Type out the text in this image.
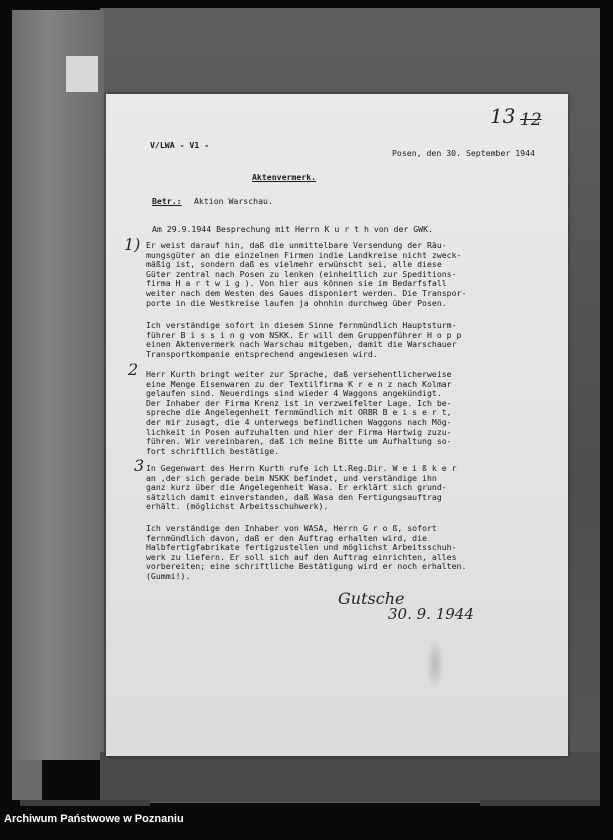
V/LWA - V1 -
Posen, den 30. September 1944
13 12
Aktenvermerk.
Betr.: Aktion Warschau.
Am 29.9.1944 Besprechung mit Herrn K u r t h von der GWK.
1) Er weist darauf hin, daß die unmittelbare Versendung der Räu-
mungsgüter an die einzelnen Firmen indie Landkreise nicht zweck-
mäßig ist, sondern daß es vielmehr erwünscht sei, alle diese
Güter zentral nach Posen zu lenken (einheitlich zur Speditions-
firma H a r t w i g ). Von hier aus können sie im Bedarfsfall
weiter nach dem Westen des Gaues disponiert werden. Die Transpor-
porte in die Westkreise laufen ja ohnhin durchweg über Posen.
Ich verständige sofort in diesem Sinne fernmündlich Hauptsturm-
führer B i s s i n g vom NSKK. Er will dem Gruppenführer H o p p
einen Aktenvermerk nach Warschau mitgeben, damit die Warschauer
Transportkompanie entsprechend angewiesen wird.
2 Herr Kurth bringt weiter zur Sprache, daß versehentlicherweise
eine Menge Eisenwaren zu der Textilfirma K r e n z nach Kolmar
gelaufen sind. Neuerdings sind wieder 4 Waggons angekündigt.
Der Inhaber der Firma Krenz ist in verzweifelter Lage. Ich be-
spreche die Angelegenheit fernmündlich mit ORBR B e i s e r t,
der mir zusagt, die 4 unterwegs befindlichen Waggons nach Mög-
lichkeit in Posen aufzuhalten und hier der Firma Hartwig zuzu-
führen. Wir vereinbaren, daß ich meine Bitte um Aufhaltung so-
fort schriftlich bestätige.
3 In Gegenwart des Herrn Kurth rufe ich Lt.Reg.Dir. W e i ß k e r
an ,der sich gerade beim NSKK befindet, und verständige ihn
ganz kurz über die Angelegenheit Wasa. Er erklärt sich grund-
sätzlich damit einverstanden, daß Wasa den Fertigungsauftrag
erhält. (möglichst Arbeitsschuhwerk).
Ich verständige den Inhaber von WASA, Herrn G r o ß, sofort
fernmündlich davon, daß er den Auftrag erhalten wird, die
Halbfertigfabrikate fertigzustellen und möglichst Arbeitsschuh-
werk zu liefern. Er soll sich auf den Auftrag einrichten, alles
vorbereiten; eine schriftliche Bestätigung wird er noch erhalten.
(Gummi!).
Gutsche
30. 9. 1944
Archiwum Państwowe w Poznaniu
